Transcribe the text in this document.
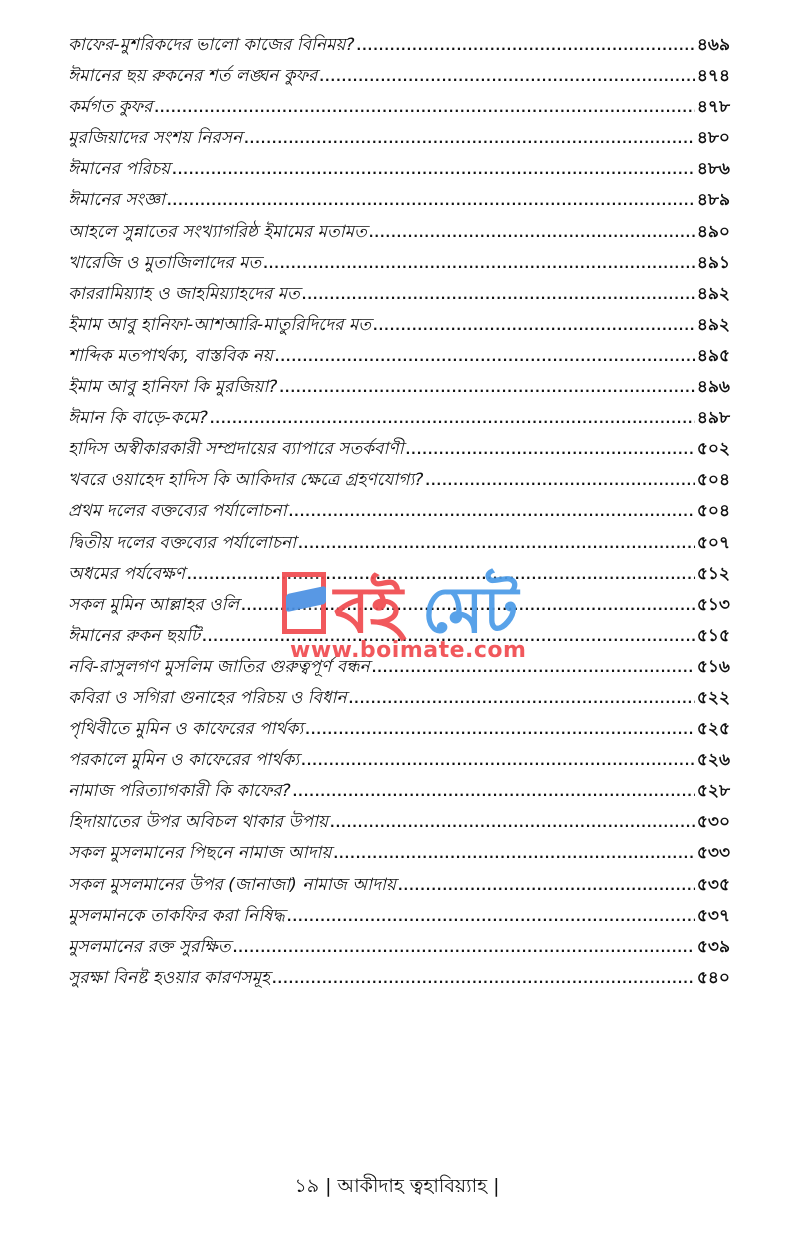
কাফের-মুশরিকদের ভালো কাজের বিনিময়? .....	৪৬৯
ঈমানের ছয় রুকনের শর্ত লঙ্ঘন কুফর .....	৪৭৪
কর্মগত কুফর .....	৪৭৮
মুরজিয়াদের সংশয় নিরসন .....	৪৮০
ঈমানের পরিচয় .....	৪৮৬
ঈমানের সংজ্ঞা .....	৪৮৯
আহলে সুন্নাতের সংখ্যাগরিষ্ঠ ইমামের মতামত .....	৪৯০
খারেজি ও মুতাজিলাদের মত .....	৪৯১
কাররামিয়্যাহ ও জাহমিয়্যাহদের মত .....	৪৯২
ইমাম আবু হানিফা-আশআরি-মাতুরিদিদের মত .....	৪৯২
শাব্দিক মতপার্থক্য, বাস্তবিক নয় .....	৪৯৫
ইমাম আবু হানিফা কি মুরজিয়া? .....	৪৯৬
ঈমান কি বাড়ে-কমে? .....	৪৯৮
হাদিস অস্বীকারকারী সম্প্রদায়ের ব্যাপারে সতর্কবাণী .....	৫০২
খবরে ওয়াহেদ হাদিস কি আকিদার ক্ষেত্রে গ্রহণযোগ্য? .....	৫০৪
প্রথম দলের বক্তব্যের পর্যালোচনা .....	৫০৪
দ্বিতীয় দলের বক্তব্যের পর্যালোচনা .....	৫০৭
অধমের পর্যবেক্ষণ .....	৫১২
সকল মুমিন আল্লাহর ওলি .....	৫১৩
ঈমানের রুকন ছয়টি .....	৫১৫
নবি-রাসুলগণ মুসলিম জাতির গুরুত্বপূর্ণ বন্ধন .....	৫১৬
কবিরা ও সগিরা গুনাহের পরিচয় ও বিধান .....	৫২২
পৃথিবীতে মুমিন ও কাফেরের পার্থক্য .....	৫২৫
পরকালে মুমিন ও কাফেরের পার্থক্য .....	৫২৬
নামাজ পরিত্যাগকারী কি কাফের? .....	৫২৮
হিদায়াতের উপর অবিচল থাকার উপায় .....	৫৩০
সকল মুসলমানের পিছনে নামাজ আদায় .....	৫৩৩
সকল মুসলমানের উপর (জানাজা) নামাজ আদায় .....	৫৩৫
মুসলমানকে তাকফির করা নিষিদ্ধ .....	৫৩৭
মুসলমানের রক্ত সুরক্ষিত .....	৫৩৯
সুরক্ষা বিনষ্ট হওয়ার কারণসমূহ .....	৫৪০
বই মেট
www.boimate.com
১৯ | আকীদাহ ত্বহাবিয়্যাহ |
